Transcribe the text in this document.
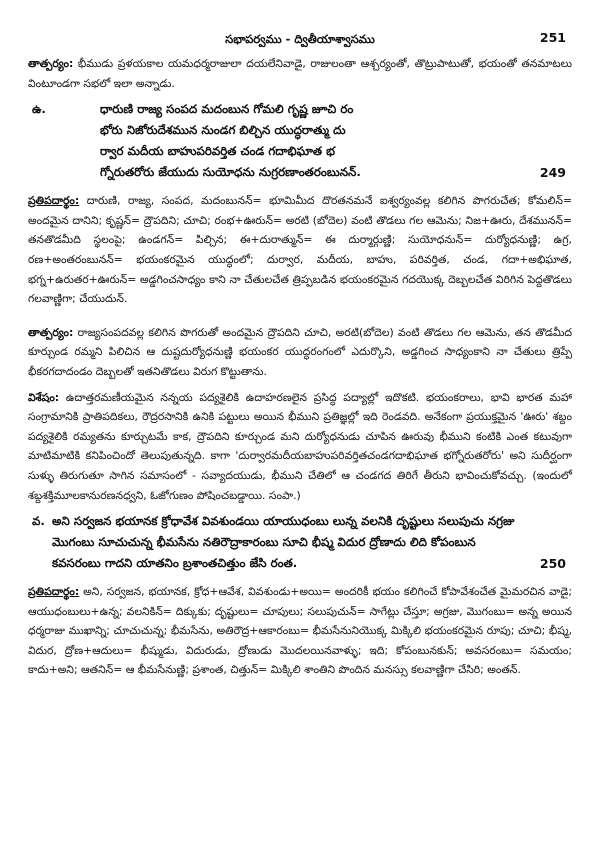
సభాపర్వము - ద్వితీయాశ్వాసము	251

తాత్పర్యం: భీముడు ప్రళయకాల యమధర్మరాజులా దయలేనివాడై, రాజులంతా ఆశ్చర్యంతో, తొట్రుపాటుతో, భయంతో తనమాటలు వింటూండగా సభలో ఇలా అన్నాడు.

ఉ.	ధారుణి రాజ్య సంపద మదంబున గోమలి గృష్ణ జూచి రం
భోరు నిజోరుదేశమున నుండగ బిల్చిన యుద్ధరాత్ము దు
ర్వార మదీయ బాహుపరివర్తిత చండ గదాభిఘాత భ
గ్నోరుతరోరు జేయుదు సుయోధను నుగ్రరణాంతరంబునన్.	249

ప్రతిపదార్థం: దారుణి, రాజ్య, సంపద, మదంబునన్= భూమిమీద దొరతనమనే ఐశ్వర్యంవల్ల కలిగిన పొగరుచేత; కోమలిన్= అందమైన దానిని; కృష్ణన్= ద్రౌపదిని; చూచి; రంభ+ఊరున్= అరటి (బోదెల) వంటి తొడలు గల ఆమెను; నిజ+ఊరు, దేశమునన్= తనతొడమీది స్థలంపై; ఉండగన్= పిల్చిన; ఈ+దురాత్మున్= ఈ దుర్మార్గుణ్ణి; సుయోధనున్= దుర్యోధనుణ్ణి; ఉగ్ర, రణ+అంతరంబునన్= భయంకరమైన యుద్ధంలో; దుర్వార, మదీయ, బాహు, పరివర్తిత, చండ, గదా+అభిఘాత, భగ్న+ఉరుతర+ఊరున్= అడ్డగించసాధ్యం కాని నా చేతులచేత త్రిప్పబడిన భయంకరమైన గదయొక్క దెబ్బలచేత విరిగిన పెద్దతొడలు గలవాణ్ణిగా; చేయుదున్.

తాత్పర్యం: రాజ్యసంపదవల్ల కలిగిన పొగరుతో అందమైన ద్రౌపదిని చూచి, అరటి(బోదెల) వంటి తొడలు గల ఆమెను, తన తొడమీద కూర్చుండ రమ్మని పిలిచిన ఆ దుష్టదుర్యోధనుణ్ణి భయంకర యుద్ధరంగంలో ఎదుర్కొని, అడ్డగించ సాధ్యంకాని నా చేతులు త్రిప్పే భీకరగదాదండం దెబ్బలతో ఇతనితొడలు విరుగ కొట్టుతాను.

విశేషం: ఉదాత్తరమణీయమైన నన్నయ పద్యశైలికి ఉదాహరణలైన ప్రసిద్ధ పద్యాల్లో ఇదొకటి. భయంకరాలు, భావి భారత మహా సంగ్రామానికి ప్రాతిపదికలు, రౌద్రరసానికి ఉనికి పట్టులు అయిన భీముని ప్రతిజ్ఞల్లో ఇది రెండవది. అనేకంగా ప్రయుక్తమైన 'ఊరు' శబ్దం పద్యశైలికి రమ్యతను కూర్చుటమే కాక, ద్రౌపదిని కూర్చుండ మని దుర్యోధనుడు చూపిన ఊరువు భీముని కంటికి ఎంత కటువుగా మాటిమాటికి కనిపించిందో తెలుపుతున్నది. కాగా 'దుర్వారమదీయబాహుపరివర్తితచండగదాభిఘాత భగ్నోరుతరోరు' అని సుదీర్ఘంగా సుళ్ళు తిరుగుతూ సాగిన సమాసంలో - సవ్యాదయుడు, భీముని చేతిలో ఆ చండగద తిరిగే తీరుని భావించుకోవచ్చు. (ఇందులో శబ్దశక్తిమూలకానురణనధ్వని, ఓజోగుణం పోషించబడ్డాయి. సంపా.)

వ. అని సర్వజన భయానక క్రోధావేశ వివశుండయి యాయుధంబు లున్న వలనికి దృష్టులు సలుపుచు నగ్రజు
మొగంబు సూచుచున్న భీమసేను నతిరౌద్రాకారంబు సూచి భీష్మ విదుర ద్రోణాదు లిది కోపంబున
కవసరంబు గాదని యాతనిం బ్రశాంతచిత్తుం జేసి రంత.	250

ప్రతిపదార్థం: అని, సర్వజన, భయానక, క్రోధ+ఆవేశ, వివశుండు+అయి= అందరికీ భయం కలిగించే కోపావేశంచేత మైమరచిన వాడై; ఆయుధంబులు+ఉన్న; వలనికిన్= దిక్కుకు; దృష్టులు= చూపులు; సలుపుచున్= సాగేట్లు చేస్తూ; అగ్రజు, మొగంబు= అన్న అయిన ధర్మరాజు ముఖాన్ని; చూచుచున్న; భీమసేను, అతిరౌద్ర+ఆకారంబు= భీమసేనునియొక్క మిక్కిలి భయంకరమైన రూపు; చూచి; భీష్మ, విదుర, ద్రోణ+ఆదులు= భీష్ముడు, విదురుడు, ద్రోణుడు మొదలయినవాళ్ళు; ఇది; కోపంబునకున్; అవసరంబు= సమయం; కాదు+అని; ఆతనిన్= ఆ భీమసేనుణ్ణి; ప్రశాంత, చిత్తున్= మిక్కిలి శాంతిని పొందిన మనస్సు కలవాణ్ణిగా చేసిరి; అంతన్.
